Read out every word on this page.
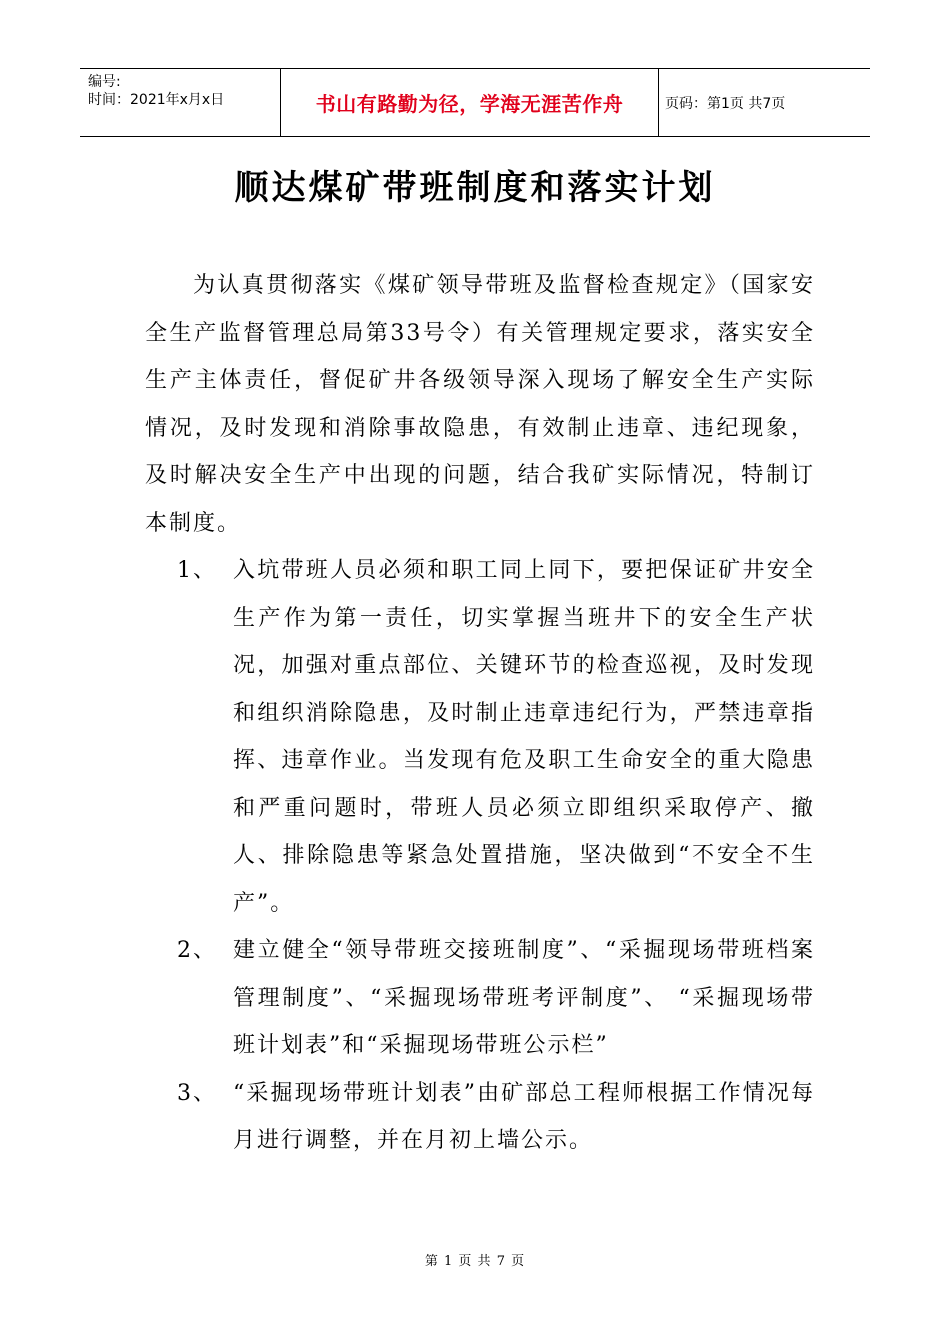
编号:
时间：2021年x月x日	书山有路勤为径，学海无涯苦作舟	页码：第1页 共7页
顺达煤矿带班制度和落实计划

为认真贯彻落实《煤矿领导带班及监督检查规定》（国家安全生产监督管理总局第33号令）有关管理规定要求，落实安全生产主体责任，督促矿井各级领导深入现场了解安全生产实际情况，及时发现和消除事故隐患，有效制止违章、违纪现象，及时解决安全生产中出现的问题，结合我矿实际情况，特制订本制度。

1、 入坑带班人员必须和职工同上同下，要把保证矿井安全生产作为第一责任，切实掌握当班井下的安全生产状况，加强对重点部位、关键环节的检查巡视，及时发现和组织消除隐患，及时制止违章违纪行为，严禁违章指挥、违章作业。当发现有危及职工生命安全的重大隐患和严重问题时，带班人员必须立即组织采取停产、撤人、排除隐患等紧急处置措施，坚决做到“不安全不生产”。
2、 建立健全“领导带班交接班制度”、“采掘现场带班档案管理制度”、“采掘现场带班考评制度”、 “采掘现场带班计划表”和“采掘现场带班公示栏”
3、 “采掘现场带班计划表”由矿部总工程师根据工作情况每月进行调整，并在月初上墙公示。
第 1 页 共 7 页
